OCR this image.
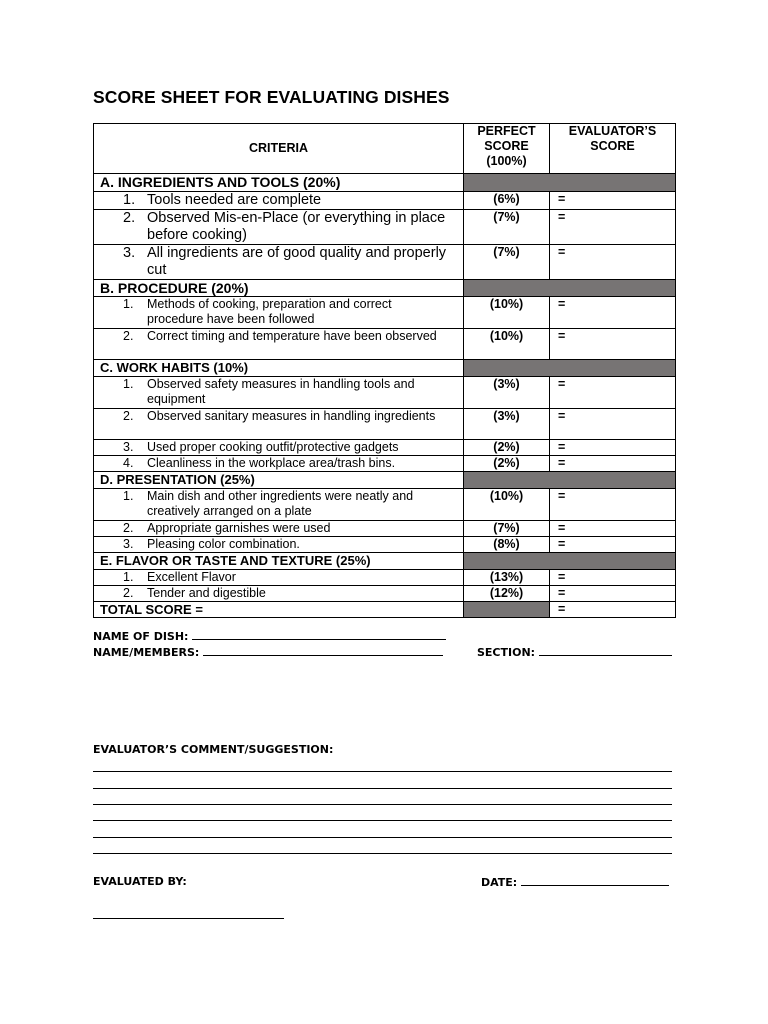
SCORE SHEET FOR EVALUATING DISHES
CRITERIA	PERFECT SCORE (100%)	EVALUATOR’S SCORE
A. INGREDIENTS AND TOOLS (20%)		
1. Tools needed are complete	(6%)	=
2. Observed Mis-en-Place (or everything in place before cooking)	(7%)	=
3. All ingredients are of good quality and properly cut	(7%)	=
B. PROCEDURE (20%)		
1. Methods of cooking, preparation and correct procedure have been followed	(10%)	=
2. Correct timing and temperature have been observed	(10%)	=
C. WORK HABITS (10%)		
1. Observed safety measures in handling tools and equipment	(3%)	=
2. Observed sanitary measures in handling ingredients	(3%)	=
3. Used proper cooking outfit/protective gadgets	(2%)	=
4. Cleanliness in the workplace area/trash bins.	(2%)	=
D. PRESENTATION (25%)		
1. Main dish and other ingredients were neatly and creatively arranged on a plate	(10%)	=
2. Appropriate garnishes were used	(7%)	=
3. Pleasing color combination.	(8%)	=
E. FLAVOR OR TASTE AND TEXTURE (25%)		
1. Excellent Flavor	(13%)	=
2. Tender and digestible	(12%)	=
TOTAL SCORE =		=
NAME OF DISH:
NAME/MEMBERS:	SECTION:
EVALUATOR’S COMMENT/SUGGESTION:
EVALUATED BY:	DATE:
